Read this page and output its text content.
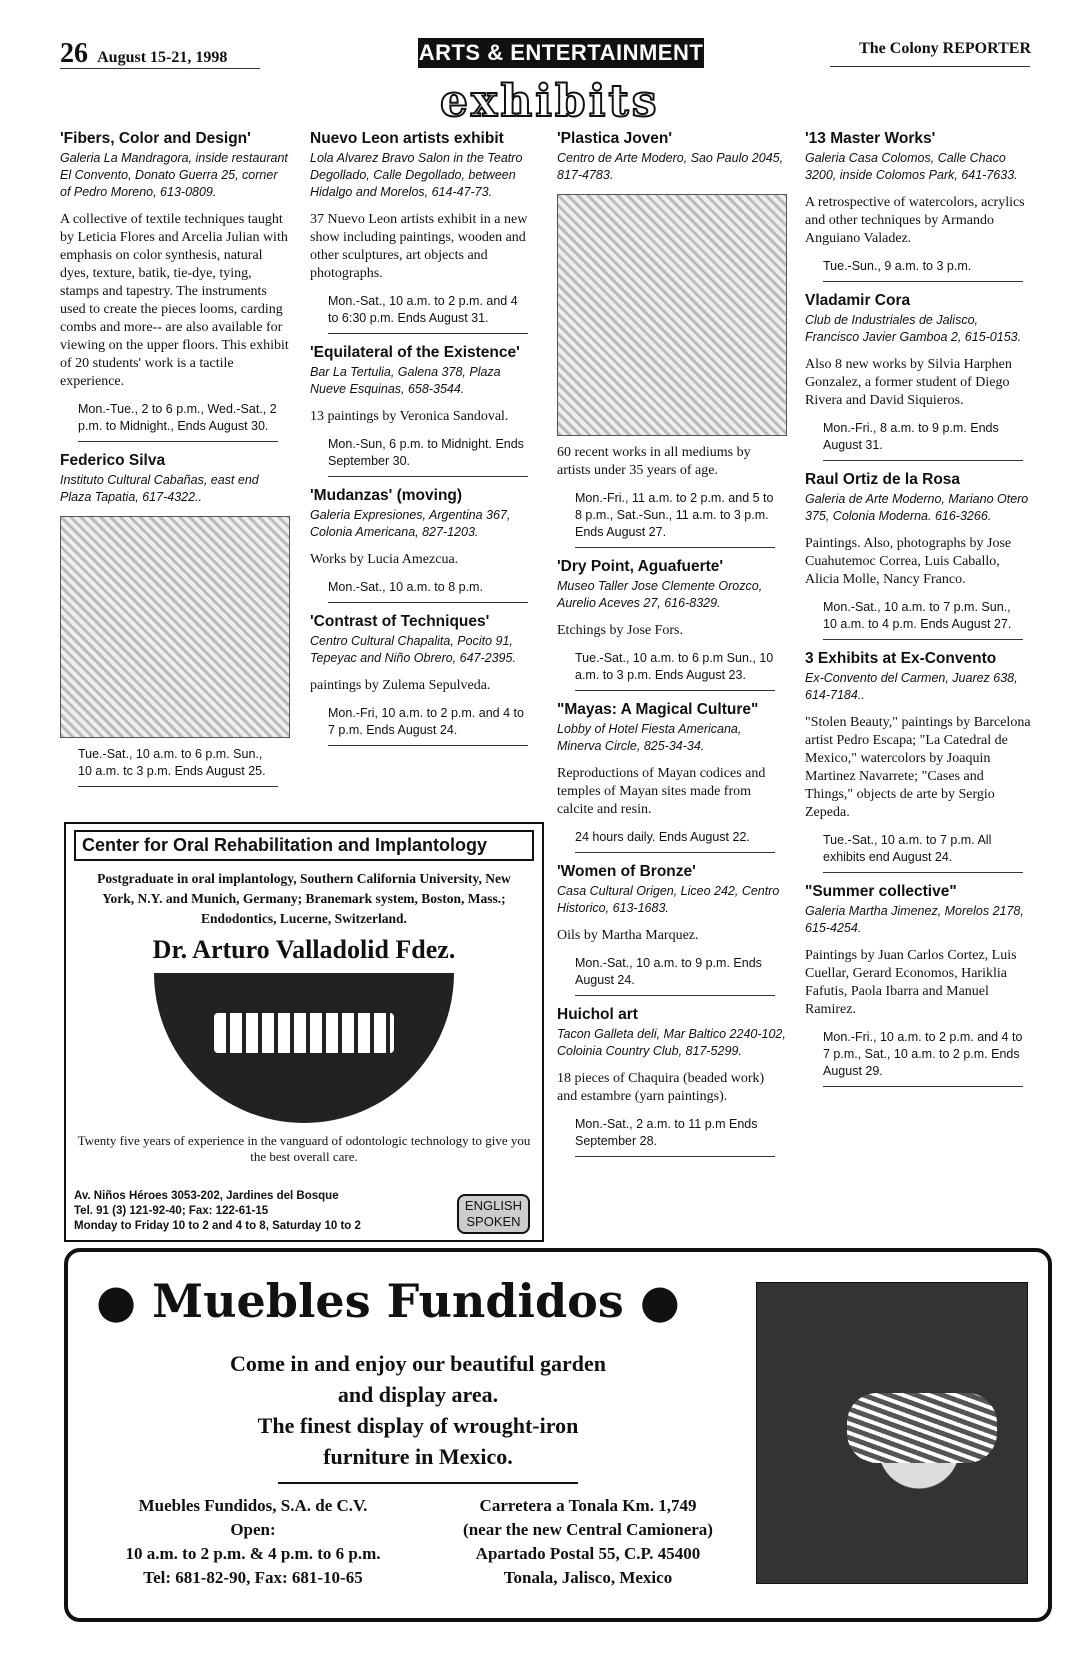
26 August 15-21, 1998	ARTS & ENTERTAINMENT	The Colony REPORTER
exhibits
'Fibers, Color and Design'
Galeria La Mandragora, inside restaurant El Convento, Donato Guerra 25, corner of Pedro Moreno, 613-0809.
A collective of textile techniques taught by Leticia Flores and Arcelia Julian with emphasis on color synthesis, natural dyes, texture, batik, tie-dye, tying, stamps and tapestry. The instruments used to create the pieces looms, carding combs and more-- are also available for viewing on the upper floors. This exhibit of 20 students' work is a tactile experience.
Mon.-Tue., 2 to 6 p.m., Wed.-Sat., 2 p.m. to Midnight., Ends August 30.
Federico Silva
Instituto Cultural Cabañas, east end Plaza Tapatia, 617-4322..
Tue.-Sat., 10 a.m. to 6 p.m. Sun., 10 a.m. tc 3 p.m. Ends August 25.
Nuevo Leon artists exhibit
Lola Alvarez Bravo Salon in the Teatro Degollado, Calle Degollado, between Hidalgo and Morelos, 614-47-73.
37 Nuevo Leon artists exhibit in a new show including paintings, wooden and other sculptures, art objects and photographs.
Mon.-Sat., 10 a.m. to 2 p.m. and 4 to 6:30 p.m. Ends August 31.
'Equilateral of the Existence'
Bar La Tertulia, Galena 378, Plaza Nueve Esquinas, 658-3544.
13 paintings by Veronica Sandoval.
Mon.-Sun, 6 p.m. to Midnight. Ends September 30.
'Mudanzas' (moving)
Galeria Expresiones, Argentina 367, Colonia Americana, 827-1203.
Works by Lucia Amezcua.
Mon.-Sat., 10 a.m. to 8 p.m.
'Contrast of Techniques'
Centro Cultural Chapalita, Pocito 91, Tepeyac and Niño Obrero, 647-2395.
paintings by Zulema Sepulveda.
Mon.-Fri, 10 a.m. to 2 p.m. and 4 to 7 p.m. Ends August 24.
'Plastica Joven'
Centro de Arte Modero, Sao Paulo 2045, 817-4783.
60 recent works in all mediums by artists under 35 years of age.
Mon.-Fri., 11 a.m. to 2 p.m. and 5 to 8 p.m., Sat.-Sun., 11 a.m. to 3 p.m. Ends August 27.
'Dry Point, Aguafuerte'
Museo Taller Jose Clemente Orozco, Aurelio Aceves 27, 616-8329.
Etchings by Jose Fors.
Tue.-Sat., 10 a.m. to 6 p.m Sun., 10 a.m. to 3 p.m. Ends August 23.
"Mayas: A Magical Culture"
Lobby of Hotel Fiesta Americana, Minerva Circle, 825-34-34.
Reproductions of Mayan codices and temples of Mayan sites made from calcite and resin.
24 hours daily. Ends August 22.
'Women of Bronze'
Casa Cultural Origen, Liceo 242, Centro Historico, 613-1683.
Oils by Martha Marquez.
Mon.-Sat., 10 a.m. to 9 p.m. Ends August 24.
Huichol art
Tacon Galleta deli, Mar Baltico 2240-102, Coloinia Country Club, 817-5299.
18 pieces of Chaquira (beaded work) and estambre (yarn paintings).
Mon.-Sat., 2 a.m. to 11 p.m Ends September 28.
'13 Master Works'
Galeria Casa Colomos, Calle Chaco 3200, inside Colomos Park, 641-7633.
A retrospective of watercolors, acrylics and other techniques by Armando Anguiano Valadez.
Tue.-Sun., 9 a.m. to 3 p.m.
Vladamir Cora
Club de Industriales de Jalisco, Francisco Javier Gamboa 2, 615-0153.
Also 8 new works by Silvia Harphen Gonzalez, a former student of Diego Rivera and David Siquieros.
Mon.-Fri., 8 a.m. to 9 p.m. Ends August 31.
Raul Ortiz de la Rosa
Galeria de Arte Moderno, Mariano Otero 375, Colonia Moderna. 616-3266.
Paintings. Also, photographs by Jose Cuahutemoc Correa, Luis Caballo, Alicia Molle, Nancy Franco.
Mon.-Sat., 10 a.m. to 7 p.m. Sun., 10 a.m. to 4 p.m. Ends August 27.
3 Exhibits at Ex-Convento
Ex-Convento del Carmen, Juarez 638, 614-7184..
"Stolen Beauty," paintings by Barcelona artist Pedro Escapa; "La Catedral de Mexico," watercolors by Joaquin Martinez Navarrete; "Cases and Things," objects de arte by Sergio Zepeda.
Tue.-Sat., 10 a.m. to 7 p.m. All exhibits end August 24.
"Summer collective"
Galeria Martha Jimenez, Morelos 2178, 615-4254.
Paintings by Juan Carlos Cortez, Luis Cuellar, Gerard Economos, Hariklia Fafutis, Paola Ibarra and Manuel Ramirez.
Mon.-Fri., 10 a.m. to 2 p.m. and 4 to 7 p.m., Sat., 10 a.m. to 2 p.m. Ends August 29.
Center for Oral Rehabilitation and Implantology
Postgraduate in oral implantology, Southern California University, New York, N.Y. and Munich, Germany; Branemark system, Boston, Mass.; Endodontics, Lucerne, Switzerland.
Dr. Arturo Valladolid Fdez.
Twenty five years of experience in the vanguard of odontologic technology to give you the best overall care.
Av. Niños Héroes 3053-202, Jardines del Bosque
Tel. 91 (3) 121-92-40; Fax: 122-61-15
Monday to Friday 10 to 2 and 4 to 8, Saturday 10 to 2
ENGLISH
SPOKEN
● Muebles Fundidos ●
Come in and enjoy our beautiful garden
and display area.
The finest display of wrought-iron
furniture in Mexico.
Muebles Fundidos, S.A. de C.V.
Open:
10 a.m. to 2 p.m. & 4 p.m. to 6 p.m.
Tel: 681-82-90, Fax: 681-10-65
Carretera a Tonala Km. 1,749
(near the new Central Camionera)
Apartado Postal 55, C.P. 45400
Tonala, Jalisco, Mexico
